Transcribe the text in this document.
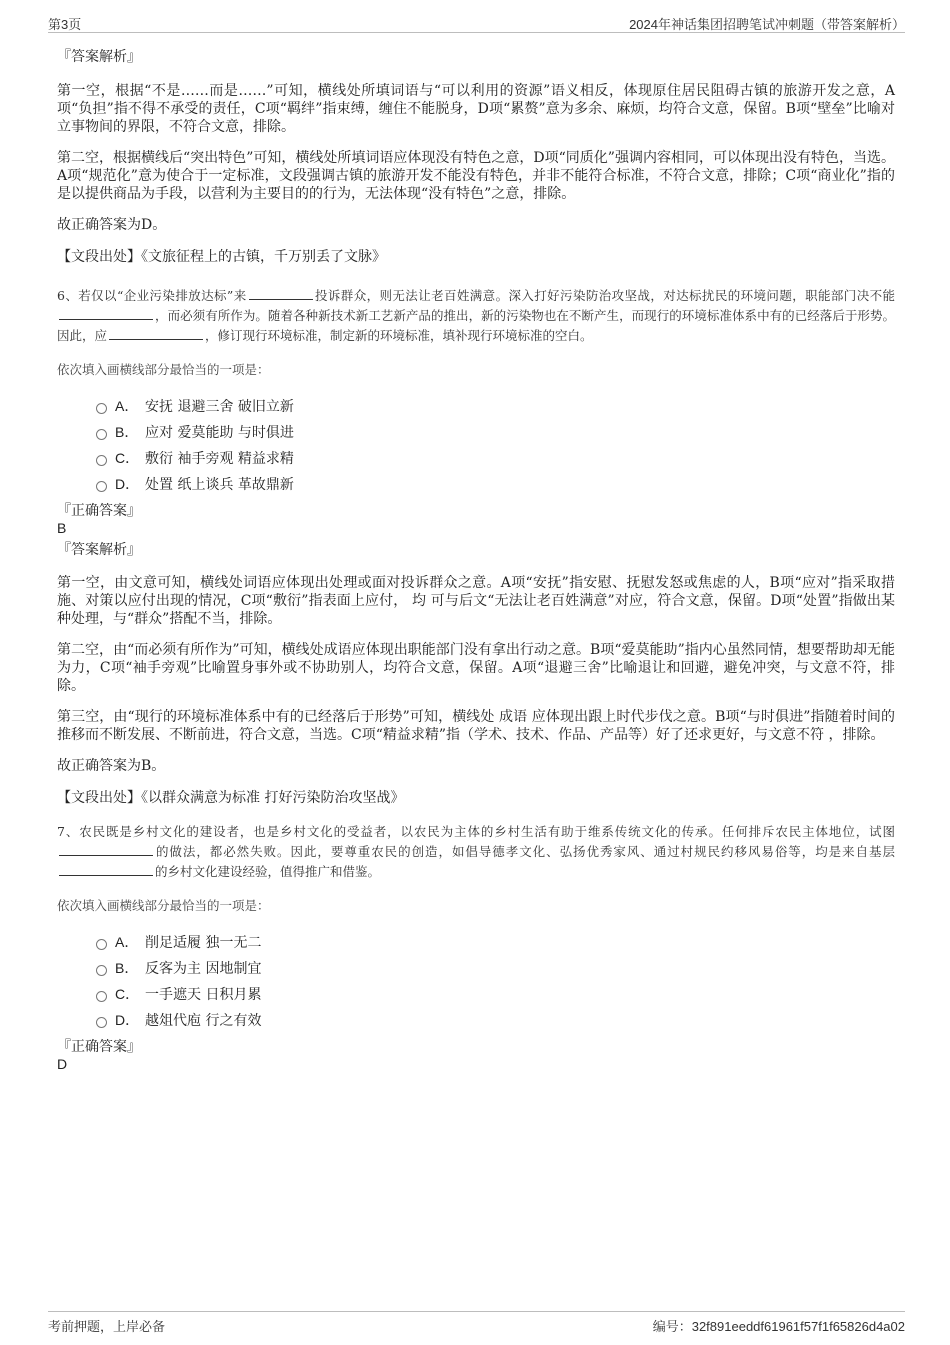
第3页	2024年神话集团招聘笔试冲刺题（带答案解析）

『答案解析』

第一空，根据“不是……而是……”可知，横线处所填词语与“可以利用的资源”语义相反，体现原住居民阻碍古镇的旅游开发之意，A项“负担”指不得不承受的责任，C项“羁绊”指束缚，缠住不能脱身，D项“累赘”意为多余、麻烦，均符合文意，保留。B项“壁垒”比喻对立事物间的界限，不符合文意，排除。

第二空，根据横线后“突出特色”可知，横线处所填词语应体现没有特色之意，D项“同质化”强调内容相同，可以体现出没有特色，当选。A项“规范化”意为使合于一定标准，文段强调古镇的旅游开发不能没有特色，并非不能符合标准，不符合文意，排除；C项“商业化”指的是以提供商品为手段，以营利为主要目的的行为，无法体现“没有特色”之意，排除。

故正确答案为D。

【文段出处】《文旅征程上的古镇，千万别丢了文脉》

6、若仅以“企业污染排放达标”来	投诉群众，则无法让老百姓满意。深入打好污染防治攻坚战，对达标扰民的环境问题，职能部门决不能，而必须有所作为。随着各种新技术新工艺新产品的推出，新的污染物也在不断产生，而现行的环境标准体系中有的已经落后于形势。因此，应	，修订现行环境标准，制定新的环境标准，填补现行环境标准的空白。

依次填入画横线部分最恰当的一项是：

A． 安抚 退避三舍 破旧立新
B． 应对 爱莫能助 与时俱进
C． 敷衍 袖手旁观 精益求精
D． 处置 纸上谈兵 革故鼎新

『正确答案』

B

『答案解析』

第一空，由文意可知，横线处词语应体现出处理或面对投诉群众之意。A项“安抚”指安慰、抚慰发怒或焦虑的人，B项“应对”指采取措施、对策以应付出现的情况，C项“敷衍”指表面上应付， 均 可与后文“无法让老百姓满意”对应，符合文意，保留。D项“处置”指做出某种处理，与“群众”搭配不当，排除。

第二空，由“而必须有所作为”可知，横线处成语应体现出职能部门没有拿出行动之意。B项“爱莫能助”指内心虽然同情，想要帮助却无能为力，C项“袖手旁观”比喻置身事外或不协助别人，均符合文意，保留。A项“退避三舍”比喻退让和回避，避免冲突，与文意不符，排除。

第三空，由“现行的环境标准体系中有的已经落后于形势”可知，横线处 成语 应体现出跟上时代步伐之意。B项“与时俱进”指随着时间的推移而不断发展、不断前进，符合文意，当选。C项“精益求精”指（学术、技术、作品、产品等）好了还求更好，与文意不符 ，排除。

故正确答案为B。

【文段出处】《以群众满意为标准 打好污染防治攻坚战》

7、农民既是乡村文化的建设者，也是乡村文化的受益者，以农民为主体的乡村生活有助于维系传统文化的传承。任何排斥农民主体地位，试图的做法，都必然失败。因此，要尊重农民的创造，如倡导德孝文化、弘扬优秀家风、通过村规民约移风易俗等，均是来自基层的乡村文化建设经验，值得推广和借鉴。

依次填入画横线部分最恰当的一项是：

A． 削足适履 独一无二
B． 反客为主 因地制宜
C． 一手遮天 日积月累
D． 越俎代庖 行之有效

『正确答案』

D

考前押题，上岸必备	编号：32f891eeddf61961f57f1f65826d4a02
